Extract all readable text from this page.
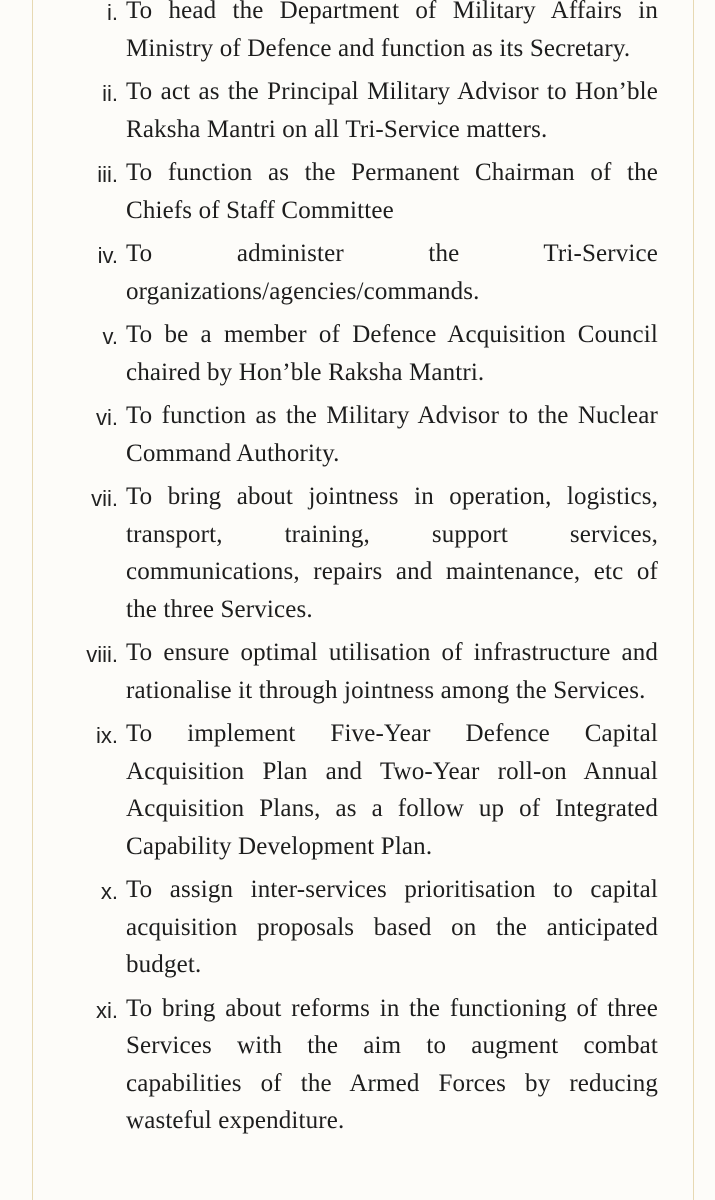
i. To head the Department of Military Affairs in Ministry of Defence and function as its Secretary.
ii. To act as the Principal Military Advisor to Hon’ble Raksha Mantri on all Tri-Service matters.
iii. To function as the Permanent Chairman of the Chiefs of Staff Committee
iv. To administer the Tri-Service organizations/agencies/commands.
v. To be a member of Defence Acquisition Council chaired by Hon’ble Raksha Mantri.
vi. To function as the Military Advisor to the Nuclear Command Authority.
vii. To bring about jointness in operation, logistics, transport, training, support services, communications, repairs and maintenance, etc of the three Services.
viii. To ensure optimal utilisation of infrastructure and rationalise it through jointness among the Services.
ix. To implement Five-Year Defence Capital Acquisition Plan and Two-Year roll-on Annual Acquisition Plans, as a follow up of Integrated Capability Development Plan.
x. To assign inter-services prioritisation to capital acquisition proposals based on the anticipated budget.
xi. To bring about reforms in the functioning of three Services with the aim to augment combat capabilities of the Armed Forces by reducing wasteful expenditure.
